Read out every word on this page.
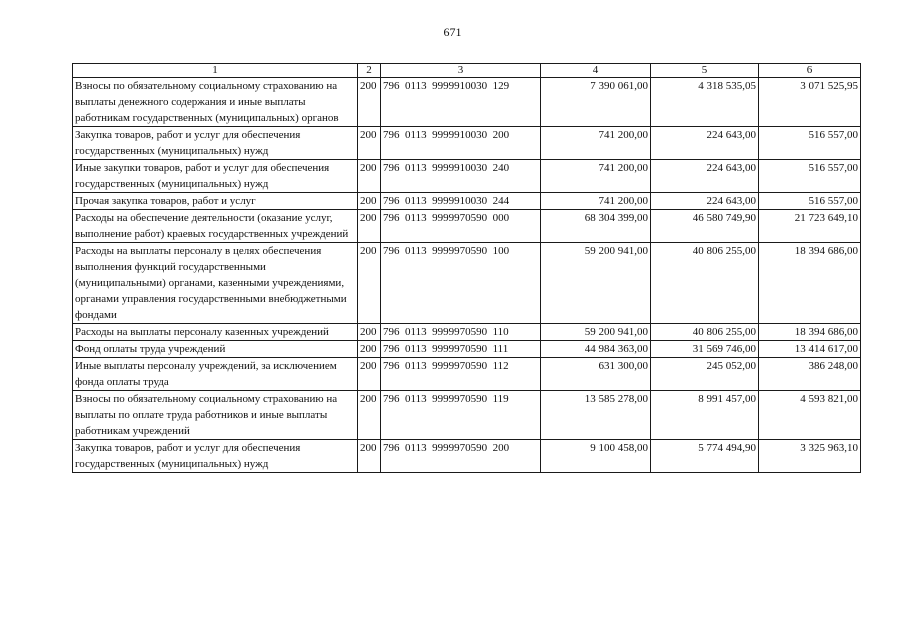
671
1	2	3	4	5	6
Взносы по обязательному социальному страхованию на выплаты денежного содержания и иные выплаты работникам государственных (муниципальных) органов	200	796  0113  9999910030  129	7 390 061,00	4 318 535,05	3 071 525,95
Закупка товаров, работ и услуг для обеспечения государственных (муниципальных) нужд	200	796  0113  9999910030  200	741 200,00	224 643,00	516 557,00
Иные закупки товаров, работ и услуг для обеспечения государственных (муниципальных) нужд	200	796  0113  9999910030  240	741 200,00	224 643,00	516 557,00
Прочая закупка товаров, работ и услуг	200	796  0113  9999910030  244	741 200,00	224 643,00	516 557,00
Расходы на обеспечение деятельности (оказание услуг, выполнение работ) краевых государственных учреждений	200	796  0113  9999970590  000	68 304 399,00	46 580 749,90	21 723 649,10
Расходы на выплаты персоналу в целях обеспечения выполнения функций государственными (муниципальными) органами, казенными учреждениями, органами управления государственными внебюджетными фондами	200	796  0113  9999970590  100	59 200 941,00	40 806 255,00	18 394 686,00
Расходы на выплаты персоналу казенных учреждений	200	796  0113  9999970590  110	59 200 941,00	40 806 255,00	18 394 686,00
Фонд оплаты труда учреждений	200	796  0113  9999970590  111	44 984 363,00	31 569 746,00	13 414 617,00
Иные выплаты персоналу учреждений, за исключением фонда оплаты труда	200	796  0113  9999970590  112	631 300,00	245 052,00	386 248,00
Взносы по обязательному социальному страхованию на выплаты по оплате труда работников и иные выплаты работникам учреждений	200	796  0113  9999970590  119	13 585 278,00	8 991 457,00	4 593 821,00
Закупка товаров, работ и услуг для обеспечения государственных (муниципальных) нужд	200	796  0113  9999970590  200	9 100 458,00	5 774 494,90	3 325 963,10
